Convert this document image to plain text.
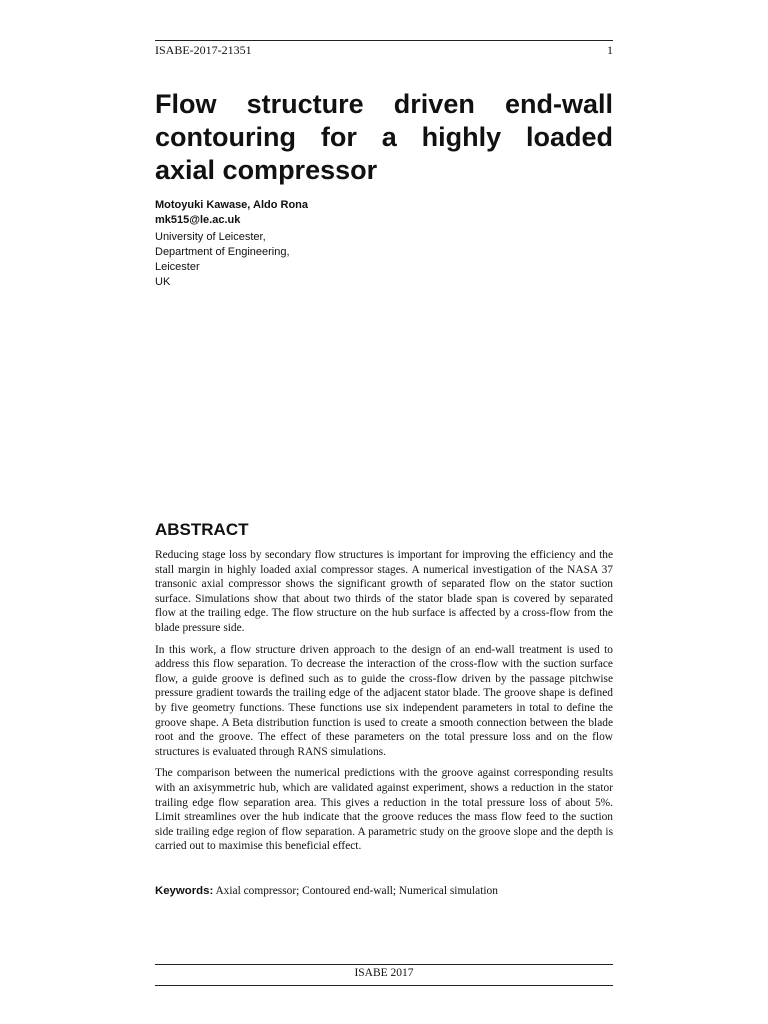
ISABE-2017-21351	1
Flow structure driven end-wall
contouring for a highly loaded
axial compressor
Motoyuki Kawase, Aldo Rona
mk515@le.ac.uk
University of Leicester,
Department of Engineering,
Leicester
UK
ABSTRACT

Reducing stage loss by secondary flow structures is important for improving the efficiency and the stall margin in highly loaded axial compressor stages. A numerical investigation of the NASA 37 transonic axial compressor shows the significant growth of separated flow on the stator suction surface. Simulations show that about two thirds of the stator blade span is covered by separated flow at the trailing edge. The flow structure on the hub surface is affected by a cross-flow from the blade pressure side.

In this work, a flow structure driven approach to the design of an end-wall treatment is used to address this flow separation. To decrease the interaction of the cross-flow with the suction surface flow, a guide groove is defined such as to guide the cross-flow driven by the passage pitchwise pressure gradient towards the trailing edge of the adjacent stator blade. The groove shape is defined by five geometry functions. These functions use six independent parameters in total to define the groove shape. A Beta distribution function is used to create a smooth connection between the blade root and the groove. The effect of these parameters on the total pressure loss and on the flow structures is evaluated through RANS simulations.

The comparison between the numerical predictions with the groove against corresponding results with an axisymmetric hub, which are validated against experiment, shows a reduction in the stator trailing edge flow separation area. This gives a reduction in the total pressure loss of about 5%. Limit streamlines over the hub indicate that the groove reduces the mass flow feed to the suction side trailing edge region of flow separation. A parametric study on the groove slope and the depth is carried out to maximise this beneficial effect.

Keywords: Axial compressor; Contoured end-wall; Numerical simulation
ISABE 2017
